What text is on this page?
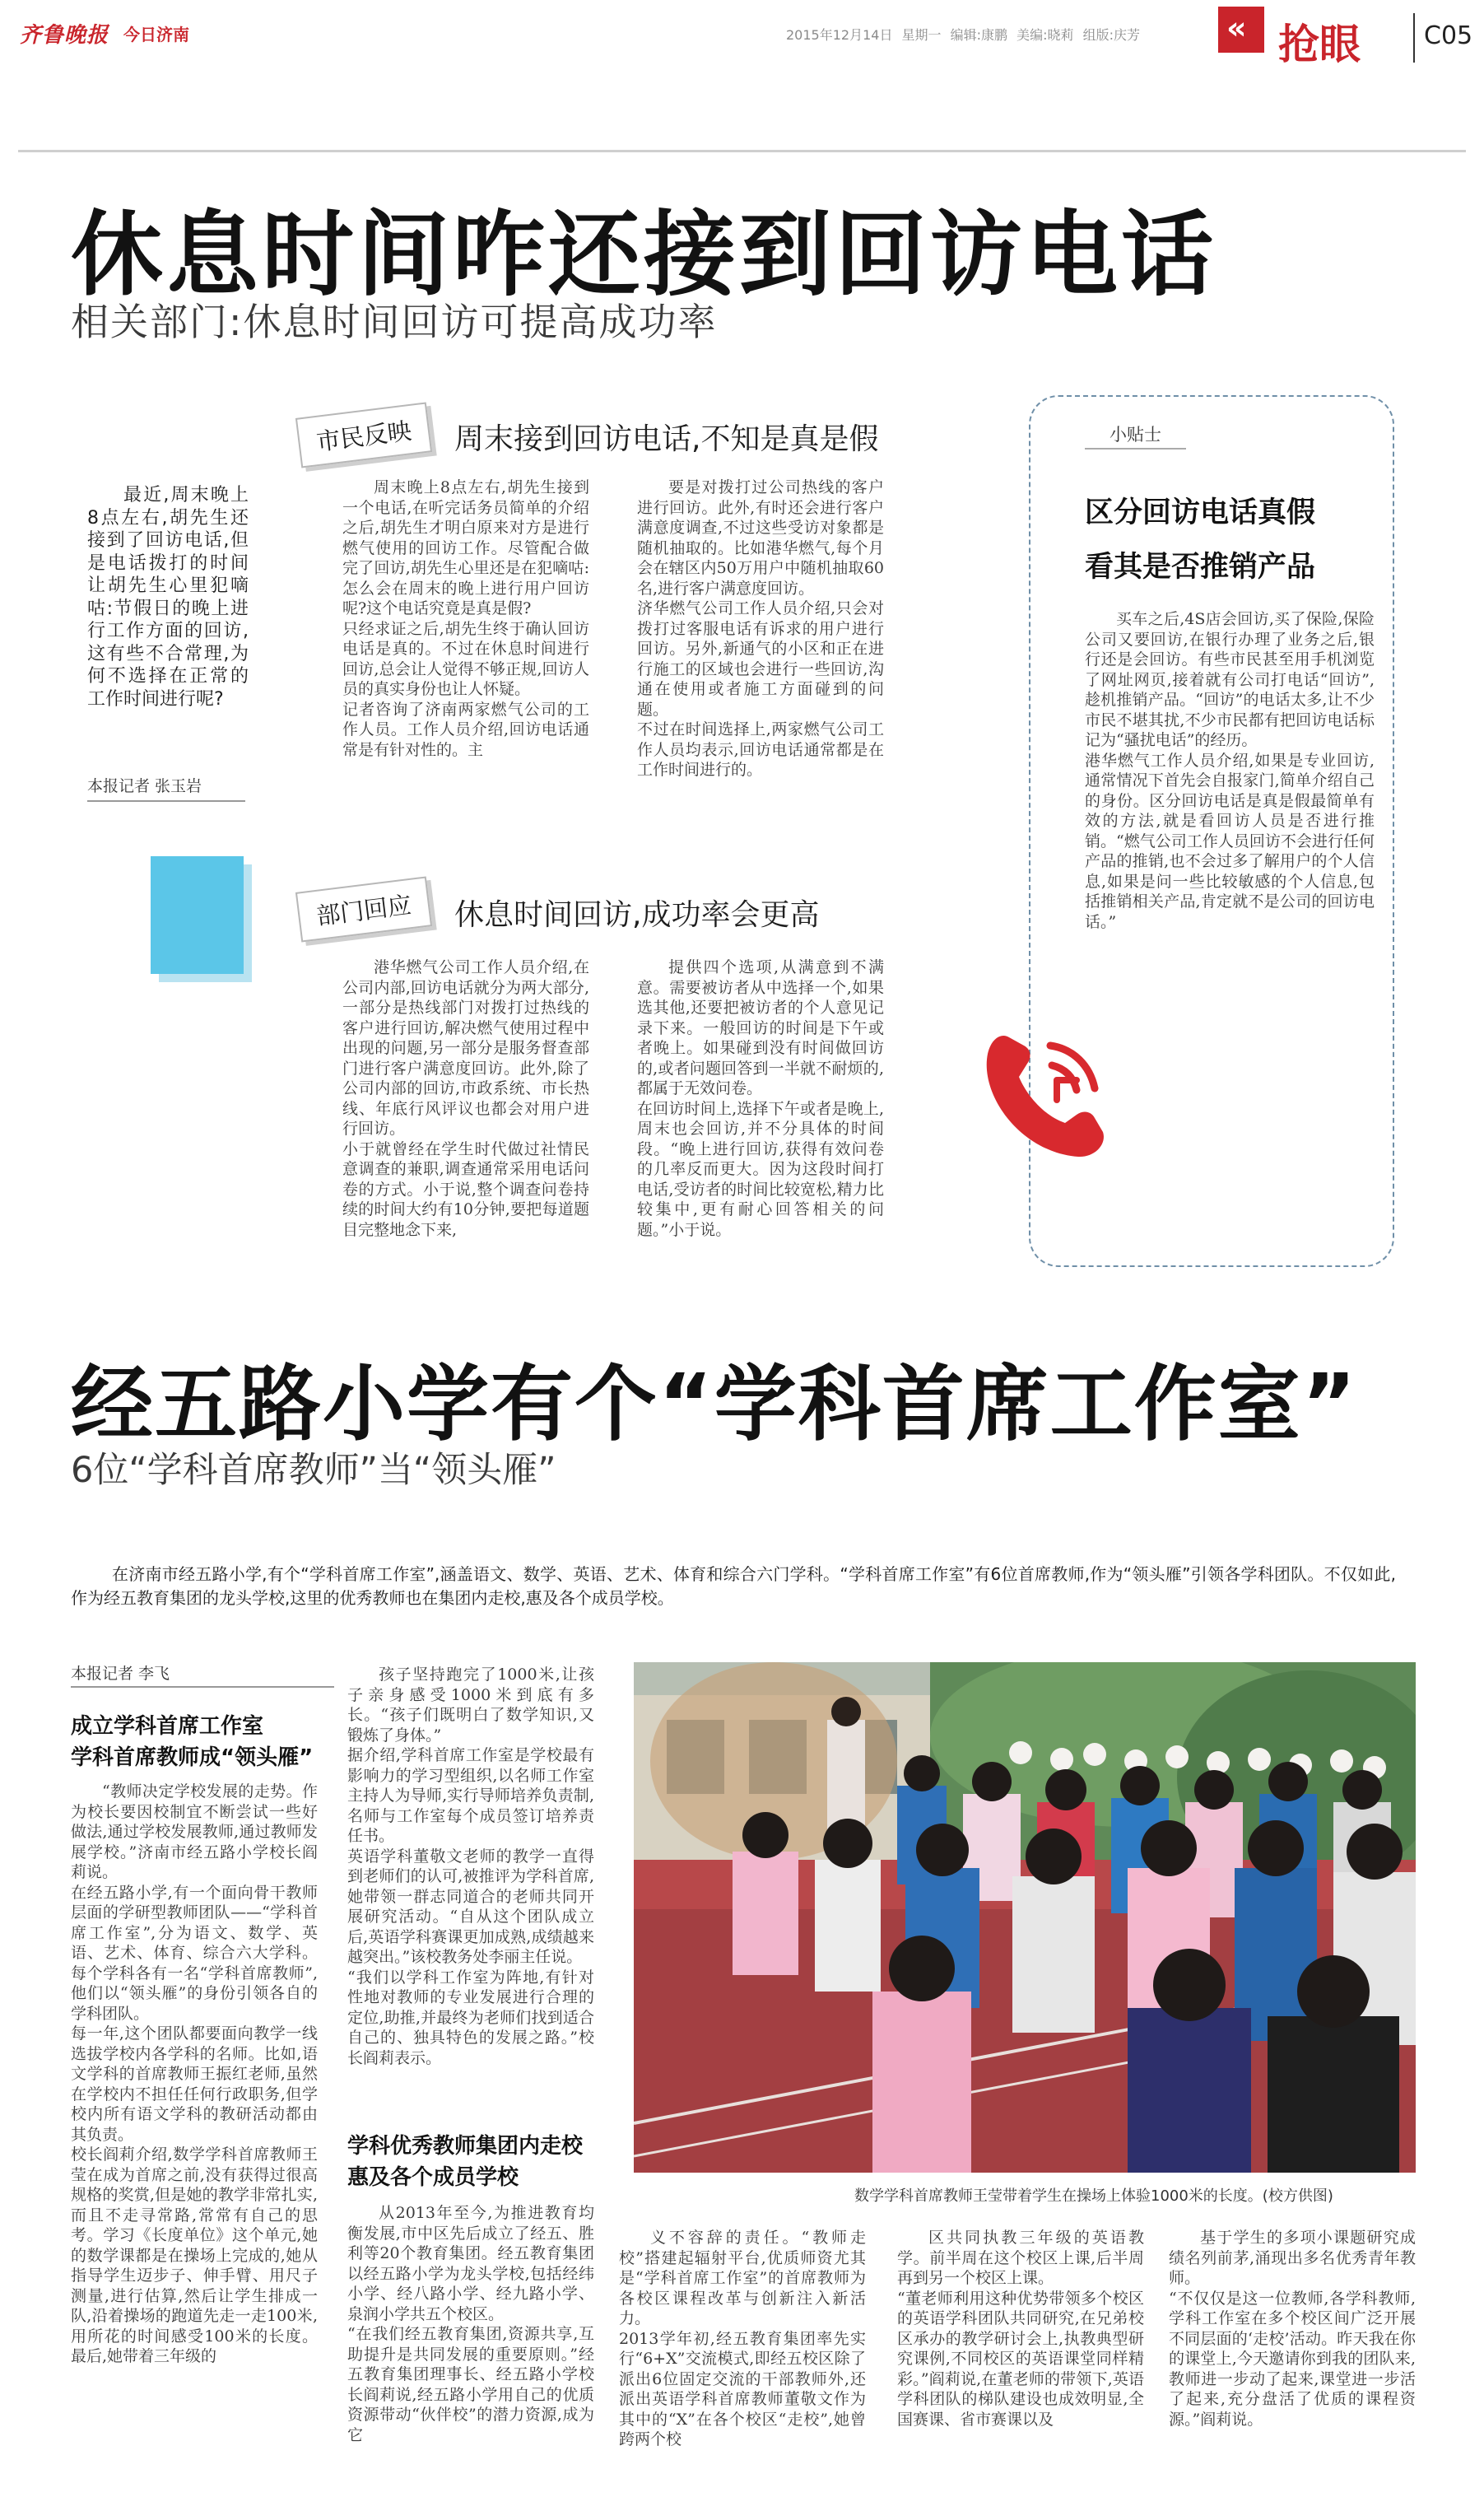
齐鲁晚报 今日济南	2015年12月14日 星期一 编辑:康鹏 美编:晓莉 组版:庆芳	« 抢眼	C05
休息时间咋还接到回访电话
相关部门:休息时间回访可提高成功率
最近,周末晚上8点左右,胡先生还接到了回访电话,但是电话拨打的时间让胡先生心里犯嘀咕:节假日的晚上进行工作方面的回访,这有些不合常理,为何不选择在正常的工作时间进行呢?
本报记者 张玉岩
市民反映	周末接到回访电话,不知是真是假
周末晚上8点左右,胡先生接到一个电话,在听完话务员简单的介绍之后,胡先生才明白原来对方是进行燃气使用的回访工作。尽管配合做完了回访,胡先生心里还是在犯嘀咕:怎么会在周末的晚上进行用户回访呢?这个电话究竟是真是假?
只经求证之后,胡先生终于确认回访电话是真的。不过在休息时间进行回访,总会让人觉得不够正规,回访人员的真实身份也让人怀疑。
记者咨询了济南两家燃气公司的工作人员。工作人员介绍,回访电话通常是有针对性的。主
要是对拨打过公司热线的客户进行回访。此外,有时还会进行客户满意度调查,不过这些受访对象都是随机抽取的。比如港华燃气,每个月会在辖区内50万用户中随机抽取60名,进行客户满意度回访。
济华燃气公司工作人员介绍,只会对拨打过客服电话有诉求的用户进行回访。另外,新通气的小区和正在进行施工的区域也会进行一些回访,沟通在使用或者施工方面碰到的问题。
不过在时间选择上,两家燃气公司工作人员均表示,回访电话通常都是在工作时间进行的。
部门回应	休息时间回访,成功率会更高
港华燃气公司工作人员介绍,在公司内部,回访电话就分为两大部分,一部分是热线部门对拨打过热线的客户进行回访,解决燃气使用过程中出现的问题,另一部分是服务督查部门进行客户满意度回访。此外,除了公司内部的回访,市政系统、市长热线、年底行风评议也都会对用户进行回访。
小于就曾经在学生时代做过社情民意调查的兼职,调查通常采用电话问卷的方式。小于说,整个调查问卷持续的时间大约有10分钟,要把每道题目完整地念下来,
提供四个选项,从满意到不满意。需要被访者从中选择一个,如果选其他,还要把被访者的个人意见记录下来。一般回访的时间是下午或者晚上。如果碰到没有时间做回访的,或者问题回答到一半就不耐烦的,都属于无效问卷。
在回访时间上,选择下午或者是晚上,周末也会回访,并不分具体的时间段。“晚上进行回访,获得有效问卷的几率反而更大。因为这段时间打电话,受访者的时间比较宽松,精力比较集中,更有耐心回答相关的问题。”小于说。
小贴士
区分回访电话真假
看其是否推销产品
买车之后,4S店会回访,买了保险,保险公司又要回访,在银行办理了业务之后,银行还是会回访。有些市民甚至用手机浏览了网址网页,接着就有公司打电话“回访”,趁机推销产品。“回访”的电话太多,让不少市民不堪其扰,不少市民都有把回访电话标记为“骚扰电话”的经历。
港华燃气工作人员介绍,如果是专业回访,通常情况下首先会自报家门,简单介绍自己的身份。区分回访电话是真是假最简单有效的方法,就是看回访人员是否进行推销。“燃气公司工作人员回访不会进行任何产品的推销,也不会过多了解用户的个人信息,如果是问一些比较敏感的个人信息,包括推销相关产品,肯定就不是公司的回访电话。”
经五路小学有个“学科首席工作室”
6位“学科首席教师”当“领头雁”
在济南市经五路小学,有个“学科首席工作室”,涵盖语文、数学、英语、艺术、体育和综合六门学科。“学科首席工作室”有6位首席教师,作为“领头雁”引领各学科团队。不仅如此,作为经五教育集团的龙头学校,这里的优秀教师也在集团内走校,惠及各个成员学校。
本报记者 李飞
成立学科首席工作室
学科首席教师成“领头雁”
“教师决定学校发展的走势。作为校长要因校制宜不断尝试一些好做法,通过学校发展教师,通过教师发展学校。”济南市经五路小学校长阎莉说。
在经五路小学,有一个面向骨干教师层面的学研型教师团队——“学科首席工作室”,分为语文、数学、英语、艺术、体育、综合六大学科。每个学科各有一名“学科首席教师”,他们以“领头雁”的身份引领各自的学科团队。
每一年,这个团队都要面向教学一线选拔学校内各学科的名师。比如,语文学科的首席教师王振红老师,虽然在学校内不担任任何行政职务,但学校内所有语文学科的教研活动都由其负责。
校长阎莉介绍,数学学科首席教师王莹在成为首席之前,没有获得过很高规格的奖赏,但是她的教学非常扎实,而且不走寻常路,常常有自己的思考。学习《长度单位》这个单元,她的数学课都是在操场上完成的,她从指导学生迈步子、伸手臂、用尺子测量,进行估算,然后让学生排成一队,沿着操场的跑道先走一走100米,用所花的时间感受100米的长度。最后,她带着三年级的
孩子坚持跑完了1000米,让孩子亲身感受1000米到底有多长。“孩子们既明白了数学知识,又锻炼了身体。”
据介绍,学科首席工作室是学校最有影响力的学习型组织,以名师工作室主持人为导师,实行导师培养负责制,名师与工作室每个成员签订培养责任书。
英语学科董敬文老师的教学一直得到老师们的认可,被推评为学科首席,她带领一群志同道合的老师共同开展研究活动。“自从这个团队成立后,英语学科赛课更加成熟,成绩越来越突出。”该校教务处李丽主任说。
“我们以学科工作室为阵地,有针对性地对教师的专业发展进行合理的定位,助推,并最终为老师们找到适合自己的、独具特色的发展之路。”校长阎莉表示。
学科优秀教师集团内走校
惠及各个成员学校
从2013年至今,为推进教育均衡发展,市中区先后成立了经五、胜利等20个教育集团。经五教育集团以经五路小学为龙头学校,包括经纬小学、经八路小学、经九路小学、泉润小学共五个校区。
“在我们经五教育集团,资源共享,互助提升是共同发展的重要原则。”经五教育集团理事长、经五路小学校长阎莉说,经五路小学用自己的优质资源带动“伙伴校”的潜力资源,成为它
义不容辞的责任。“教师走校”搭建起辐射平台,优质师资尤其是“学科首席工作室”的首席教师为各校区课程改革与创新注入新活力。
2013学年初,经五教育集团率先实行“6+X”交流模式,即经五校区除了派出6位固定交流的干部教师外,还派出英语学科首席教师董敬文作为其中的“X”在各个校区“走校”,她曾跨两个校
区共同执教三年级的英语教学。前半周在这个校区上课,后半周再到另一个校区上课。
“董老师利用这种优势带领多个校区的英语学科团队共同研究,在兄弟校区承办的教学研讨会上,执教典型研究课例,不同校区的英语课堂同样精彩。”阎莉说,在董老师的带领下,英语学科团队的梯队建设也成效明显,全国赛课、省市赛课以及
基于学生的多项小课题研究成绩名列前茅,涌现出多名优秀青年教师。
“不仅仅是这一位教师,各学科教师,学科工作室在多个校区间广泛开展不同层面的‘走校’活动。昨天我在你的课堂上,今天邀请你到我的团队来,教师进一步动了起来,课堂进一步活了起来,充分盘活了优质的课程资源。”阎莉说。
数学学科首席教师王莹带着学生在操场上体验1000米的长度。(校方供图)
